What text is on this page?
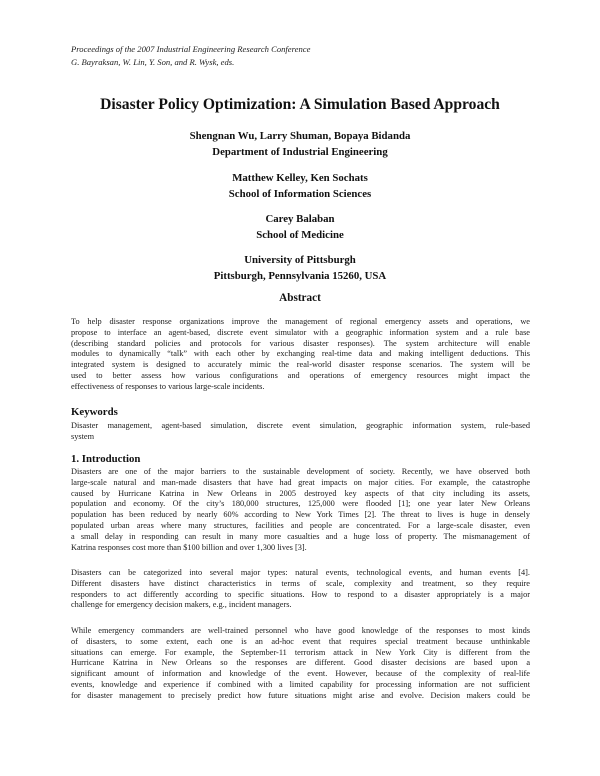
Proceedings of the 2007 Industrial Engineering Research Conference
G. Bayraksan, W. Lin, Y. Son, and R. Wysk, eds.
Disaster Policy Optimization: A Simulation Based Approach
Shengnan Wu, Larry Shuman, Bopaya Bidanda
Department of Industrial Engineering
Matthew Kelley, Ken Sochats
School of Information Sciences
Carey Balaban
School of Medicine
University of Pittsburgh
Pittsburgh, Pennsylvania 15260, USA
Abstract
To help disaster response organizations improve the management of regional emergency assets and operations, we
propose to interface an agent-based, discrete event simulator with a geographic information system and a rule base
(describing standard policies and protocols for various disaster responses). The system architecture will enable
modules to dynamically “talk” with each other by exchanging real-time data and making intelligent deductions. This
integrated system is designed to accurately mimic the real-world disaster response scenarios. The system will be
used to better assess how various configurations and operations of emergency resources might impact the
effectiveness of responses to various large-scale incidents.
Keywords
Disaster management, agent-based simulation, discrete event simulation, geographic information system, rule-based
system
1. Introduction
Disasters are one of the major barriers to the sustainable development of society. Recently, we have observed both
large-scale natural and man-made disasters that have had great impacts on major cities. For example, the catastrophe
caused by Hurricane Katrina in New Orleans in 2005 destroyed key aspects of that city including its assets,
population and economy. Of the city’s 180,000 structures, 125,000 were flooded [1]; one year later New Orleans
population has been reduced by nearly 60% according to New York Times [2]. The threat to lives is huge in densely
populated urban areas where many structures, facilities and people are concentrated. For a large-scale disaster, even
a small delay in responding can result in many more casualties and a huge loss of property. The mismanagement of
Katrina responses cost more than $100 billion and over 1,300 lives [3].
Disasters can be categorized into several major types: natural events, technological events, and human events [4].
Different disasters have distinct characteristics in terms of scale, complexity and treatment, so they require
responders to act differently according to specific situations. How to respond to a disaster appropriately is a major
challenge for emergency decision makers, e.g., incident managers.
While emergency commanders are well-trained personnel who have good knowledge of the responses to most kinds
of disasters, to some extent, each one is an ad-hoc event that requires special treatment because unthinkable
situations can emerge. For example, the September-11 terrorism attack in New York City is different from the
Hurricane Katrina in New Orleans so the responses are different. Good disaster decisions are based upon a
significant amount of information and knowledge of the event. However, because of the complexity of real-life
events, knowledge and experience if combined with a limited capability for processing information are not sufficient
for disaster management to precisely predict how future situations might arise and evolve. Decision makers could be
